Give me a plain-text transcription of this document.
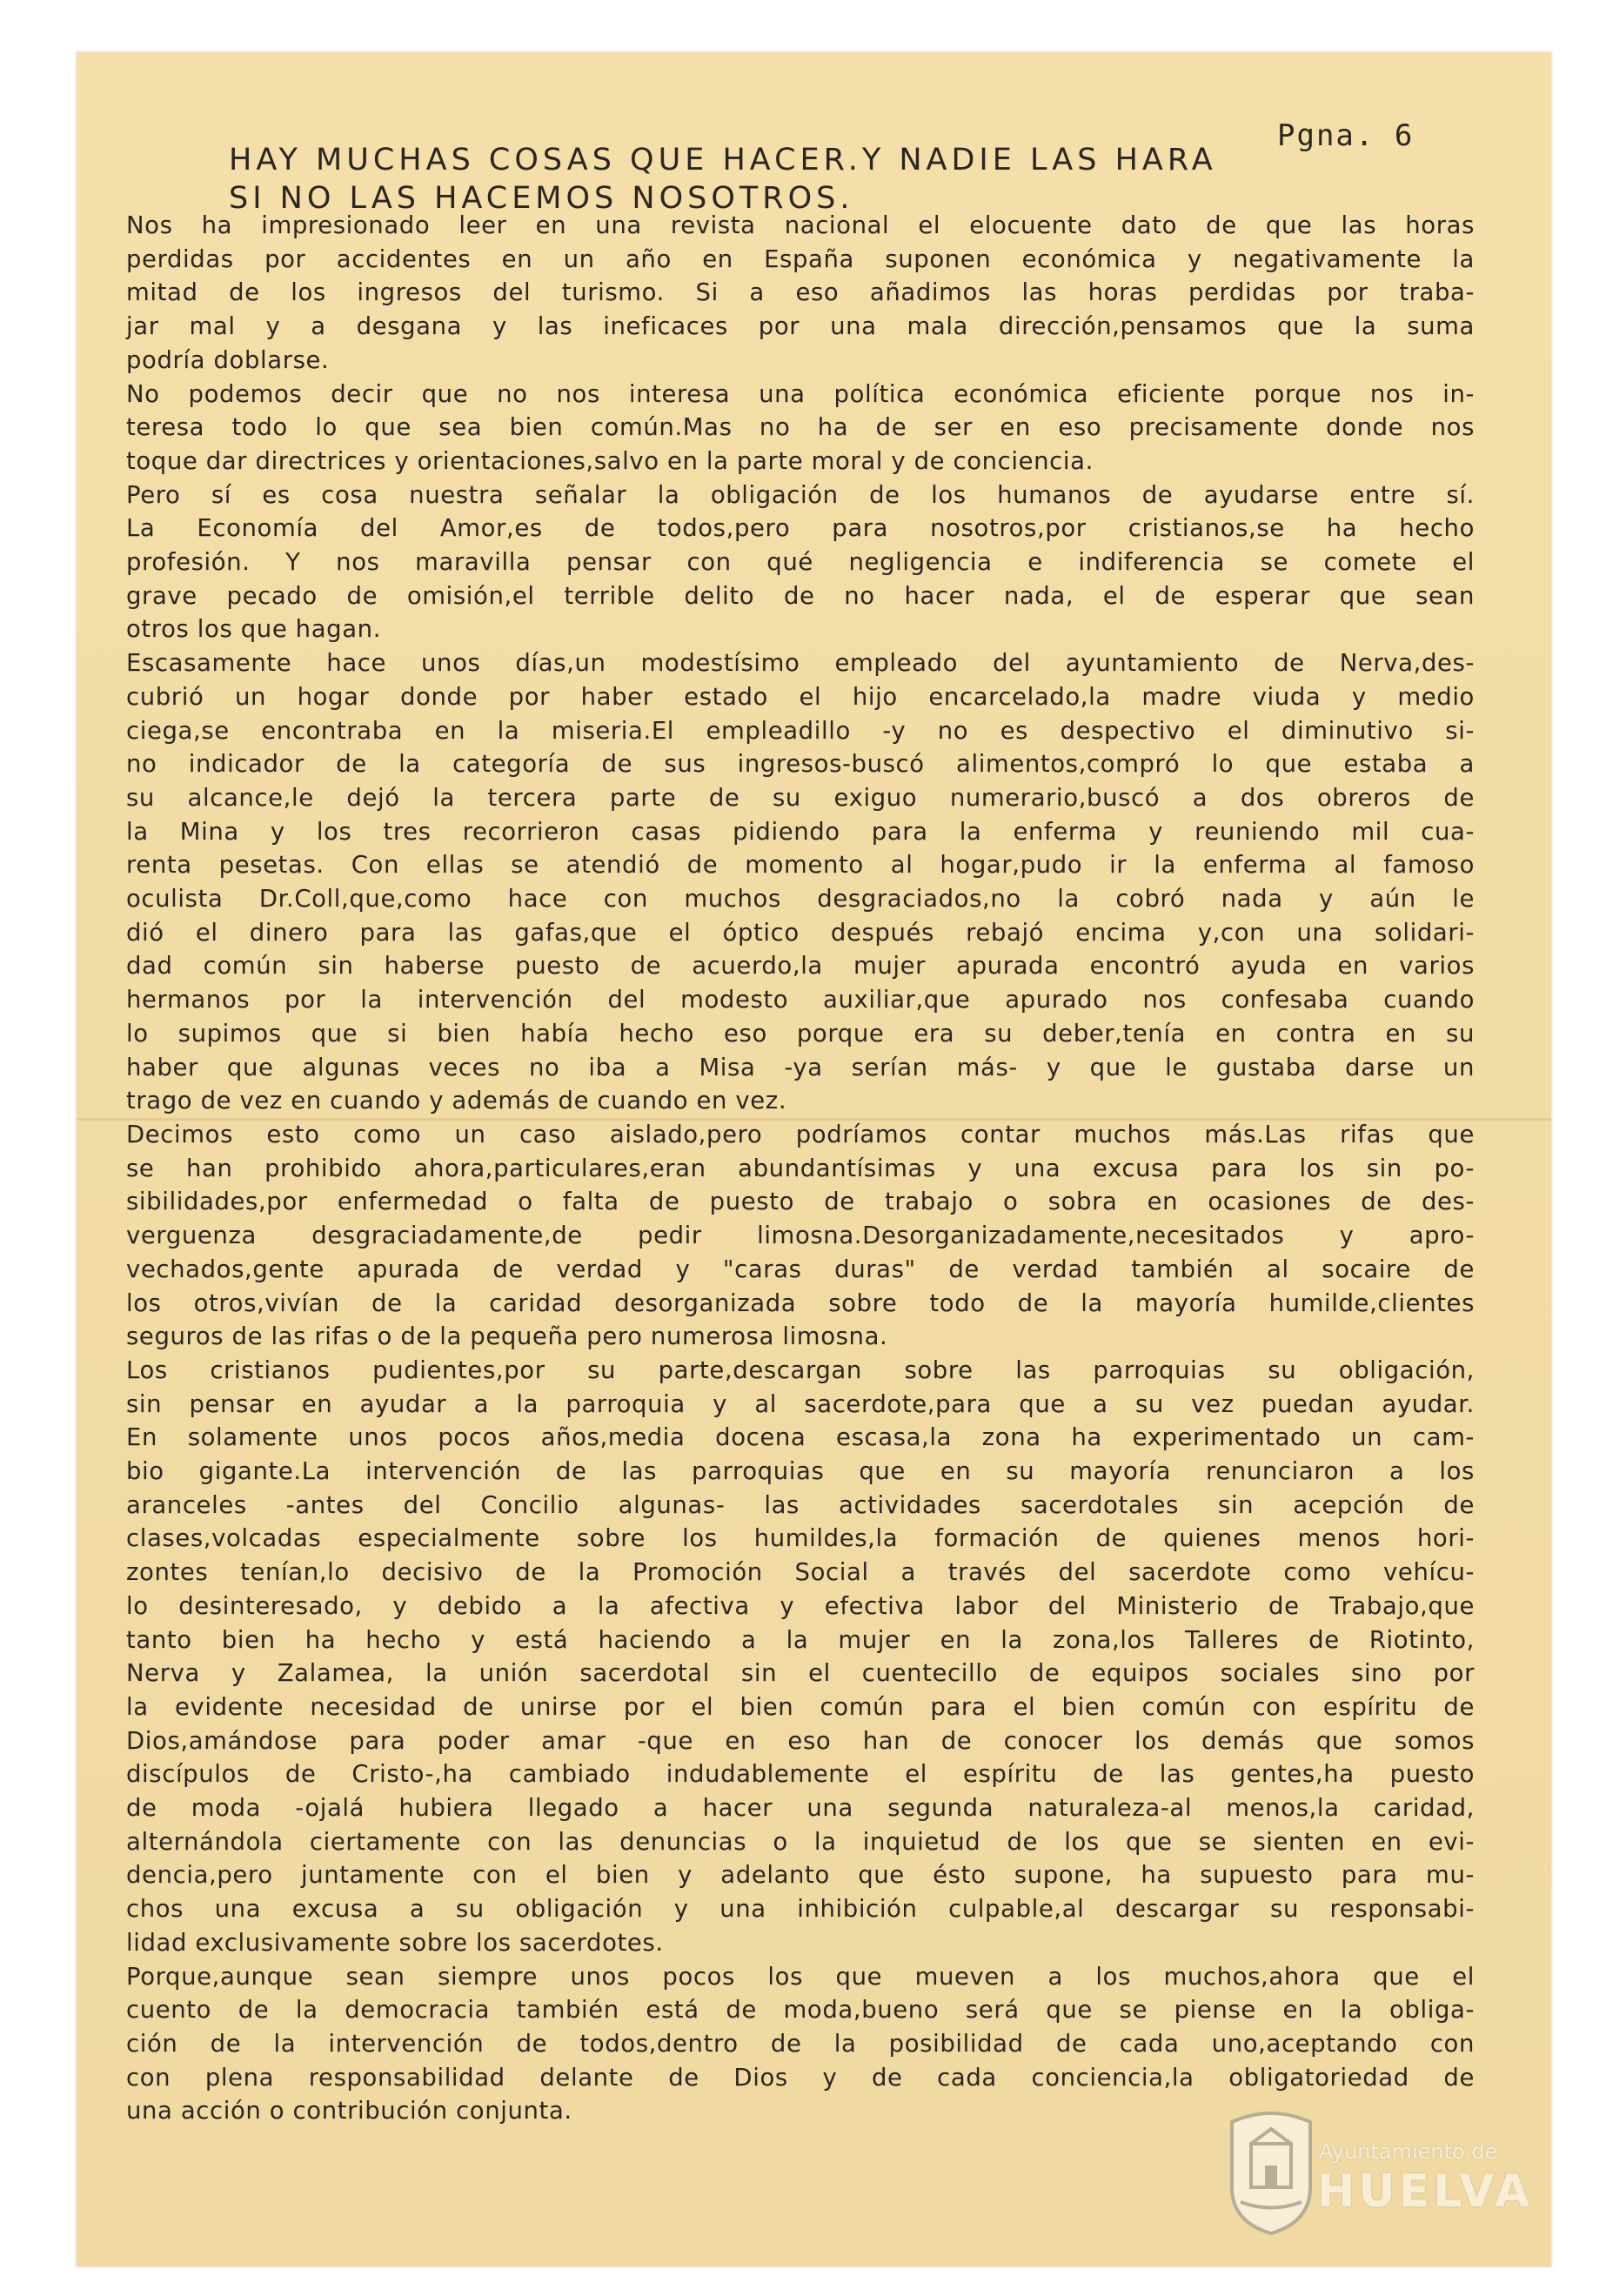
Pgna. 6
HAY MUCHAS COSAS QUE HACER.Y NADIE LAS HARA
SI NO LAS HACEMOS NOSOTROS.

Nos ha impresionado leer en una revista nacional el elocuente dato de que las horas
perdidas por accidentes en un año en España suponen económica y negativamente la
mitad de los ingresos del turismo. Si a eso añadimos las horas perdidas por traba-
jar mal y a desgana y las ineficaces por una mala dirección,pensamos que la suma
podría doblarse.

No podemos decir que no nos interesa una política económica eficiente porque nos in-
teresa todo lo que sea bien común.Mas no ha de ser en eso precisamente donde nos
toque dar directrices y orientaciones,salvo en la parte moral y de conciencia.

Pero sí es cosa nuestra señalar la obligación de los humanos de ayudarse entre sí.
La Economía del Amor,es de todos,pero para nosotros,por cristianos,se ha hecho
profesión. Y nos maravilla pensar con qué negligencia e indiferencia se comete el
grave pecado de omisión,el terrible delito de no hacer nada, el de esperar que sean
otros los que hagan.

Escasamente hace unos días,un modestísimo empleado del ayuntamiento de Nerva,des-
cubrió un hogar donde por haber estado el hijo encarcelado,la madre viuda y medio
ciega,se encontraba en la miseria.El empleadillo -y no es despectivo el diminutivo si-
no indicador de la categoría de sus ingresos-buscó alimentos,compró lo que estaba a
su alcance,le dejó la tercera parte de su exiguo numerario,buscó a dos obreros de
la Mina y los tres recorrieron casas pidiendo para la enferma y reuniendo mil cua-
renta pesetas. Con ellas se atendió de momento al hogar,pudo ir la enferma al famoso
oculista Dr.Coll,que,como hace con muchos desgraciados,no la cobró nada y aún le
dió el dinero para las gafas,que el óptico después rebajó encima y,con una solidari-
dad común sin haberse puesto de acuerdo,la mujer apurada encontró ayuda en varios
hermanos por la intervención del modesto auxiliar,que apurado nos confesaba cuando
lo supimos que si bien había hecho eso porque era su deber,tenía en contra en su
haber que algunas veces no iba a Misa -ya serían más- y que le gustaba darse un
trago de vez en cuando y además de cuando en vez.

Decimos esto como un caso aislado,pero podríamos contar muchos más.Las rifas que
se han prohibido ahora,particulares,eran abundantísimas y una excusa para los sin po-
sibilidades,por enfermedad o falta de puesto de trabajo o sobra en ocasiones de des-
verguenza desgraciadamente,de pedir limosna.Desorganizadamente,necesitados y apro-
vechados,gente apurada de verdad y "caras duras" de verdad también al socaire de
los otros,vivían de la caridad desorganizada sobre todo de la mayoría humilde,clientes
seguros de las rifas o de la pequeña pero numerosa limosna.

Los cristianos pudientes,por su parte,descargan sobre las parroquias su obligación,
sin pensar en ayudar a la parroquia y al sacerdote,para que a su vez puedan ayudar.
En solamente unos pocos años,media docena escasa,la zona ha experimentado un cam-
bio gigante.La intervención de las parroquias que en su mayoría renunciaron a los
aranceles -antes del Concilio algunas- las actividades sacerdotales sin acepción de
clases,volcadas especialmente sobre los humildes,la formación de quienes menos hori-
zontes tenían,lo decisivo de la Promoción Social a través del sacerdote como vehícu-
lo desinteresado, y debido a la afectiva y efectiva labor del Ministerio de Trabajo,que
tanto bien ha hecho y está haciendo a la mujer en la zona,los Talleres de Riotinto,
Nerva y Zalamea, la unión sacerdotal sin el cuentecillo de equipos sociales sino por
la evidente necesidad de unirse por el bien común para el bien común con espíritu de
Dios,amándose para poder amar -que en eso han de conocer los demás que somos
discípulos de Cristo-,ha cambiado indudablemente el espíritu de las gentes,ha puesto
de moda -ojalá hubiera llegado a hacer una segunda naturaleza-al menos,la caridad,
alternándola ciertamente con las denuncias o la inquietud de los que se sienten en evi-
dencia,pero juntamente con el bien y adelanto que ésto supone, ha supuesto para mu-
chos una excusa a su obligación y una inhibición culpable,al descargar su responsabi-
lidad exclusivamente sobre los sacerdotes.

Porque,aunque sean siempre unos pocos los que mueven a los muchos,ahora que el
cuento de la democracia también está de moda,bueno será que se piense en la obliga-
ción de la intervención de todos,dentro de la posibilidad de cada uno,aceptando con
con plena responsabilidad delante de Dios y de cada conciencia,la obligatoriedad de
una acción o contribución conjunta.

Ayuntamiento de
HUELVA
